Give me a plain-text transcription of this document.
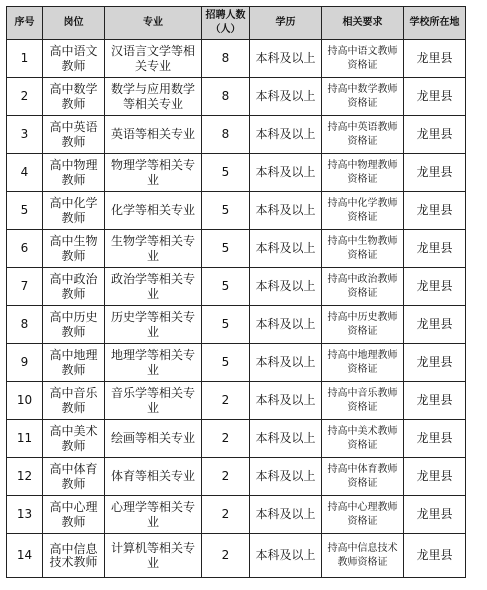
序号	岗位	专业	招聘人数（人）	学历	相关要求	学校所在地
1	高中语文教师	汉语言文学等相关专业	8	本科及以上	持高中语文教师资格证	龙里县
2	高中数学教师	数学与应用数学等相关专业	8	本科及以上	持高中数学教师资格证	龙里县
3	高中英语教师	英语等相关专业	8	本科及以上	持高中英语教师资格证	龙里县
4	高中物理教师	物理学等相关专业	5	本科及以上	持高中物理教师资格证	龙里县
5	高中化学教师	化学等相关专业	5	本科及以上	持高中化学教师资格证	龙里县
6	高中生物教师	生物学等相关专业	5	本科及以上	持高中生物教师资格证	龙里县
7	高中政治教师	政治学等相关专业	5	本科及以上	持高中政治教师资格证	龙里县
8	高中历史教师	历史学等相关专业	5	本科及以上	持高中历史教师资格证	龙里县
9	高中地理教师	地理学等相关专业	5	本科及以上	持高中地理教师资格证	龙里县
10	高中音乐教师	音乐学等相关专业	2	本科及以上	持高中音乐教师资格证	龙里县
11	高中美术教师	绘画等相关专业	2	本科及以上	持高中美术教师资格证	龙里县
12	高中体育教师	体育等相关专业	2	本科及以上	持高中体育教师资格证	龙里县
13	高中心理教师	心理学等相关专业	2	本科及以上	持高中心理教师资格证	龙里县
14	高中信息技术教师	计算机等相关专业	2	本科及以上	持高中信息技术教师资格证	龙里县
